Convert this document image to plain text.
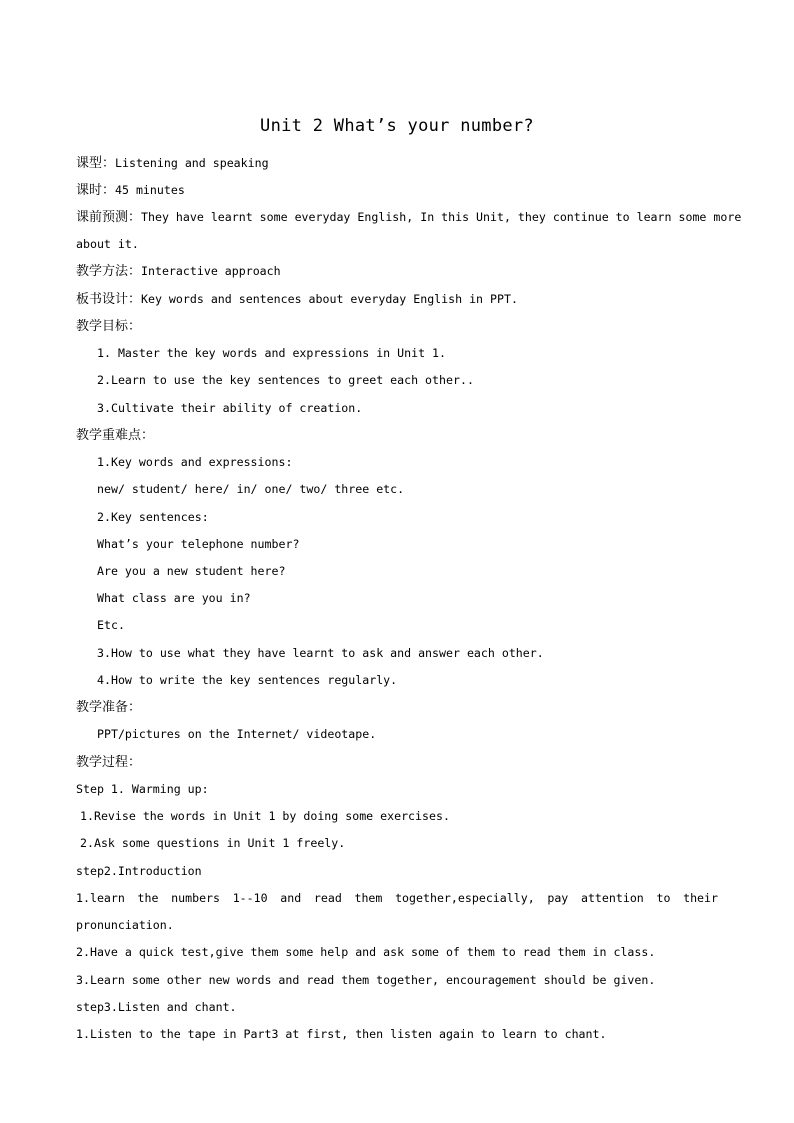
Unit 2 What’s your number?
课型：Listening and speaking
课时：45 minutes
课前预测：They have learnt some everyday English, In this Unit, they continue to learn some more
about it.
教学方法：Interactive approach
板书设计：Key words and sentences about everyday English in PPT.
教学目标：
1. Master the key words and expressions in Unit 1.
2.Learn to use the key sentences to greet each other..
3.Cultivate their ability of creation.
教学重难点：
1.Key words and expressions:
new/ student/ here/ in/ one/ two/ three etc.
2.Key sentences:
What’s your telephone number?
Are you a new student here?
What class are you in?
Etc.
3.How to use what they have learnt to ask and answer each other.
4.How to write the key sentences regularly.
教学准备：
PPT/pictures on the Internet/ videotape.
教学过程：
Step 1. Warming up:
1.Revise the words in Unit 1 by doing some exercises.
2.Ask some questions in Unit 1 freely.
step2.Introduction
1.learn the numbers 1--10 and read them together,especially, pay attention to their
pronunciation.
2.Have a quick test,give them some help and ask some of them to read them in class.
3.Learn some other new words and read them together, encouragement should be given.
step3.Listen and chant.
1.Listen to the tape in Part3 at first, then listen again to learn to chant.
